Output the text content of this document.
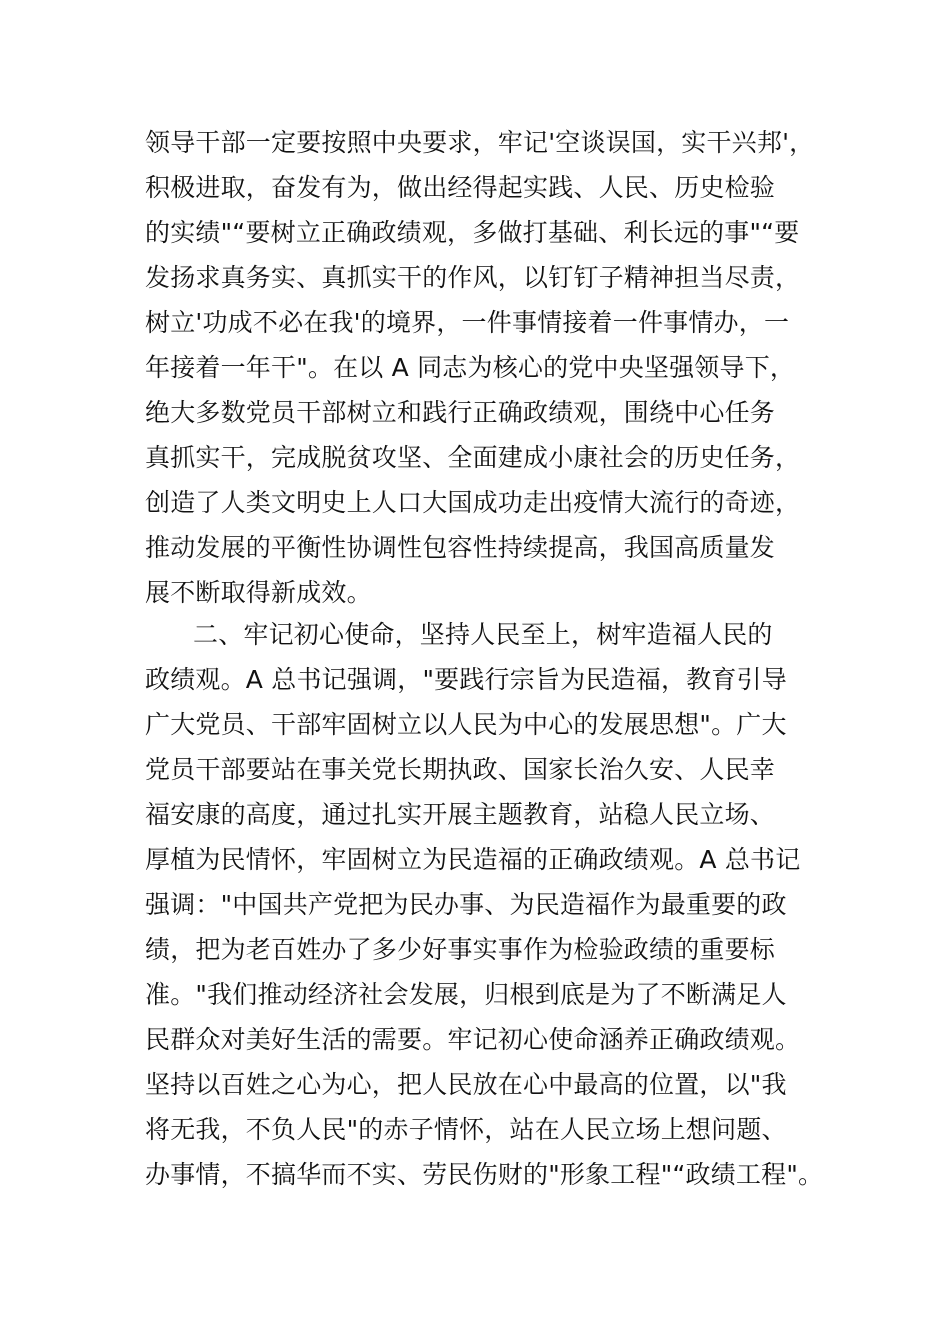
领导干部一定要按照中央要求，牢记'空谈误国，实干兴邦'，
积极进取，奋发有为，做出经得起实践、人民、历史检验
的实绩"“要树立正确政绩观，多做打基础、利长远的事"“要
发扬求真务实、真抓实干的作风，以钉钉子精神担当尽责，
树立'功成不必在我'的境界，一件事情接着一件事情办，一
年接着一年干"。在以 A 同志为核心的党中央坚强领导下，
绝大多数党员干部树立和践行正确政绩观，围绕中心任务
真抓实干，完成脱贫攻坚、全面建成小康社会的历史任务，
创造了人类文明史上人口大国成功走出疫情大流行的奇迹，
推动发展的平衡性协调性包容性持续提高，我国高质量发
展不断取得新成效。
二、牢记初心使命，坚持人民至上，树牢造福人民的
政绩观。A 总书记强调，"要践行宗旨为民造福，教育引导
广大党员、干部牢固树立以人民为中心的发展思想"。广大
党员干部要站在事关党长期执政、国家长治久安、人民幸
福安康的高度，通过扎实开展主题教育，站稳人民立场、
厚植为民情怀，牢固树立为民造福的正确政绩观。A 总书记
强调："中国共产党把为民办事、为民造福作为最重要的政
绩，把为老百姓办了多少好事实事作为检验政绩的重要标
准。"我们推动经济社会发展，归根到底是为了不断满足人
民群众对美好生活的需要。牢记初心使命涵养正确政绩观。
坚持以百姓之心为心，把人民放在心中最高的位置，以"我
将无我，不负人民"的赤子情怀，站在人民立场上想问题、
办事情，不搞华而不实、劳民伤财的"形象工程"“政绩工程"。
